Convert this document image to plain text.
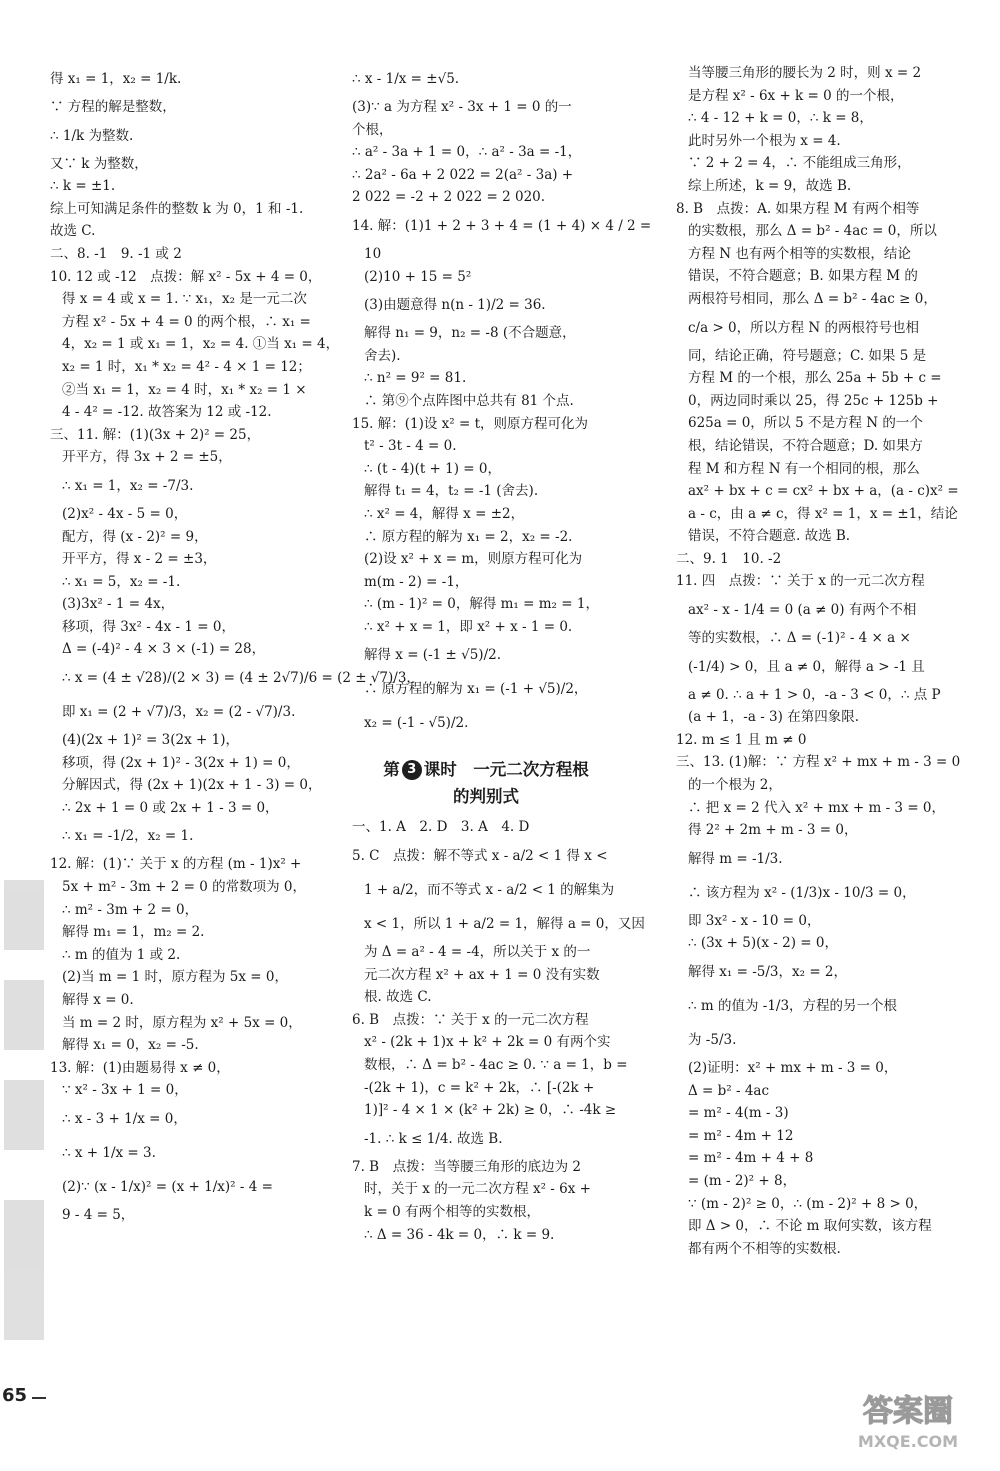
得 x₁ = 1，x₂ = 1/k.
∵ 方程的解是整数，
∴ 1/k 为整数.
又∵ k 为整数，
∴ k = ±1.
综上可知满足条件的整数 k 为 0，1 和 -1.
故选 C.
二、8. -1　9. -1 或 2
10. 12 或 -12　点拨：解 x² - 5x + 4 = 0，
得 x = 4 或 x = 1. ∵ x₁，x₂ 是一元二次
方程 x² - 5x + 4 = 0 的两个根，∴ x₁ =
4，x₂ = 1 或 x₁ = 1，x₂ = 4. ①当 x₁ = 4，
x₂ = 1 时，x₁ * x₂ = 4² - 4 × 1 = 12；
②当 x₁ = 1，x₂ = 4 时，x₁ * x₂ = 1 ×
4 - 4² = -12. 故答案为 12 或 -12.
三、11. 解：(1)(3x + 2)² = 25，
开平方，得 3x + 2 = ±5，
∴ x₁ = 1，x₂ = -7/3.
(2)x² - 4x - 5 = 0，
配方，得 (x - 2)² = 9，
开平方，得 x - 2 = ±3，
∴ x₁ = 5，x₂ = -1.
(3)3x² - 1 = 4x，
移项，得 3x² - 4x - 1 = 0，
Δ = (-4)² - 4 × 3 × (-1) = 28，
∴ x = (4 ± √28)/(2 × 3) = (4 ± 2√7)/6 = (2 ± √7)/3，
即 x₁ = (2 + √7)/3，x₂ = (2 - √7)/3.
(4)(2x + 1)² = 3(2x + 1)，
移项，得 (2x + 1)² - 3(2x + 1) = 0，
分解因式，得 (2x + 1)(2x + 1 - 3) = 0，
∴ 2x + 1 = 0 或 2x + 1 - 3 = 0，
∴ x₁ = -1/2，x₂ = 1.
12. 解：(1)∵ 关于 x 的方程 (m - 1)x² +
5x + m² - 3m + 2 = 0 的常数项为 0，
∴ m² - 3m + 2 = 0，
解得 m₁ = 1，m₂ = 2.
∴ m 的值为 1 或 2.
(2)当 m = 1 时，原方程为 5x = 0，
解得 x = 0.
当 m = 2 时，原方程为 x² + 5x = 0，
解得 x₁ = 0，x₂ = -5.
13. 解：(1)由题易得 x ≠ 0，
∵ x² - 3x + 1 = 0，
∴ x - 3 + 1/x = 0，
∴ x + 1/x = 3.
(2)∵ (x - 1/x)² = (x + 1/x)² - 4 =
9 - 4 = 5，
∴ x - 1/x = ±√5.
(3)∵ a 为方程 x² - 3x + 1 = 0 的一
个根，
∴ a² - 3a + 1 = 0，∴ a² - 3a = -1，
∴ 2a² - 6a + 2 022 = 2(a² - 3a) +
2 022 = -2 + 2 022 = 2 020.
14. 解：(1)1 + 2 + 3 + 4 = (1 + 4) × 4 / 2 =
10
(2)10 + 15 = 5²
(3)由题意得 n(n - 1)/2 = 36.
解得 n₁ = 9，n₂ = -8 (不合题意，
舍去).
∴ n² = 9² = 81.
∴ 第⑨个点阵图中总共有 81 个点.
15. 解：(1)设 x² = t，则原方程可化为
t² - 3t - 4 = 0.
∴ (t - 4)(t + 1) = 0，
解得 t₁ = 4，t₂ = -1 (舍去).
∴ x² = 4，解得 x = ±2，
∴ 原方程的解为 x₁ = 2，x₂ = -2.
(2)设 x² + x = m，则原方程可化为
m(m - 2) = -1，
∴ (m - 1)² = 0，解得 m₁ = m₂ = 1，
∴ x² + x = 1，即 x² + x - 1 = 0.
解得 x = (-1 ± √5)/2.
∴ 原方程的解为 x₁ = (-1 + √5)/2，
x₂ = (-1 - √5)/2.
第 3 课时　一元二次方程根
的判别式
一、1. A　2. D　3. A　4. D
5. C　点拨：解不等式 x - a/2 < 1 得 x <
1 + a/2，而不等式 x - a/2 < 1 的解集为
x < 1，所以 1 + a/2 = 1，解得 a = 0，又因
为 Δ = a² - 4 = -4，所以关于 x 的一
元二次方程 x² + ax + 1 = 0 没有实数
根. 故选 C.
6. B　点拨：∵ 关于 x 的一元二次方程
x² - (2k + 1)x + k² + 2k = 0 有两个实
数根，∴ Δ = b² - 4ac ≥ 0. ∵ a = 1，b =
-(2k + 1)，c = k² + 2k，∴ [-(2k +
1)]² - 4 × 1 × (k² + 2k) ≥ 0，∴ -4k ≥
-1. ∴ k ≤ 1/4. 故选 B.
7. B　点拨：当等腰三角形的底边为 2
时，关于 x 的一元二次方程 x² - 6x +
k = 0 有两个相等的实数根，
∴ Δ = 36 - 4k = 0，∴ k = 9.
当等腰三角形的腰长为 2 时，则 x = 2
是方程 x² - 6x + k = 0 的一个根，
∴ 4 - 12 + k = 0，∴ k = 8，
此时另外一个根为 x = 4.
∵ 2 + 2 = 4，∴ 不能组成三角形，
综上所述，k = 9，故选 B.
8. B　点拨：A. 如果方程 M 有两个相等
的实数根，那么 Δ = b² - 4ac = 0，所以
方程 N 也有两个相等的实数根，结论
错误，不符合题意；B. 如果方程 M 的
两根符号相同，那么 Δ = b² - 4ac ≥ 0，
c/a > 0，所以方程 N 的两根符号也相
同，结论正确，符号题意；C. 如果 5 是
方程 M 的一个根，那么 25a + 5b + c =
0，两边同时乘以 25，得 25c + 125b +
625a = 0，所以 5 不是方程 N 的一个
根，结论错误，不符合题意；D. 如果方
程 M 和方程 N 有一个相同的根，那么
ax² + bx + c = cx² + bx + a，(a - c)x² =
a - c，由 a ≠ c，得 x² = 1，x = ±1，结论
错误，不符合题意. 故选 B.
二、9. 1　10. -2
11. 四　点拨：∵ 关于 x 的一元二次方程
ax² - x - 1/4 = 0 (a ≠ 0) 有两个不相
等的实数根，∴ Δ = (-1)² - 4 × a ×
(-1/4) > 0，且 a ≠ 0，解得 a > -1 且
a ≠ 0. ∴ a + 1 > 0，-a - 3 < 0，∴ 点 P
(a + 1，-a - 3) 在第四象限.
12. m ≤ 1 且 m ≠ 0
三、13. (1)解：∵ 方程 x² + mx + m - 3 = 0
的一个根为 2，
∴ 把 x = 2 代入 x² + mx + m - 3 = 0，
得 2² + 2m + m - 3 = 0，
解得 m = -1/3.
∴ 该方程为 x² - (1/3)x - 10/3 = 0，
即 3x² - x - 10 = 0，
∴ (3x + 5)(x - 2) = 0，
解得 x₁ = -5/3，x₂ = 2，
∴ m 的值为 -1/3，方程的另一个根
为 -5/3.
(2)证明：x² + mx + m - 3 = 0，
Δ = b² - 4ac
= m² - 4(m - 3)
= m² - 4m + 12
= m² - 4m + 4 + 8
= (m - 2)² + 8，
∵ (m - 2)² ≥ 0，∴ (m - 2)² + 8 > 0，
即 Δ > 0，∴ 不论 m 取何实数，该方程
都有两个不相等的实数根.
65	答案圈
MXQE.COM
